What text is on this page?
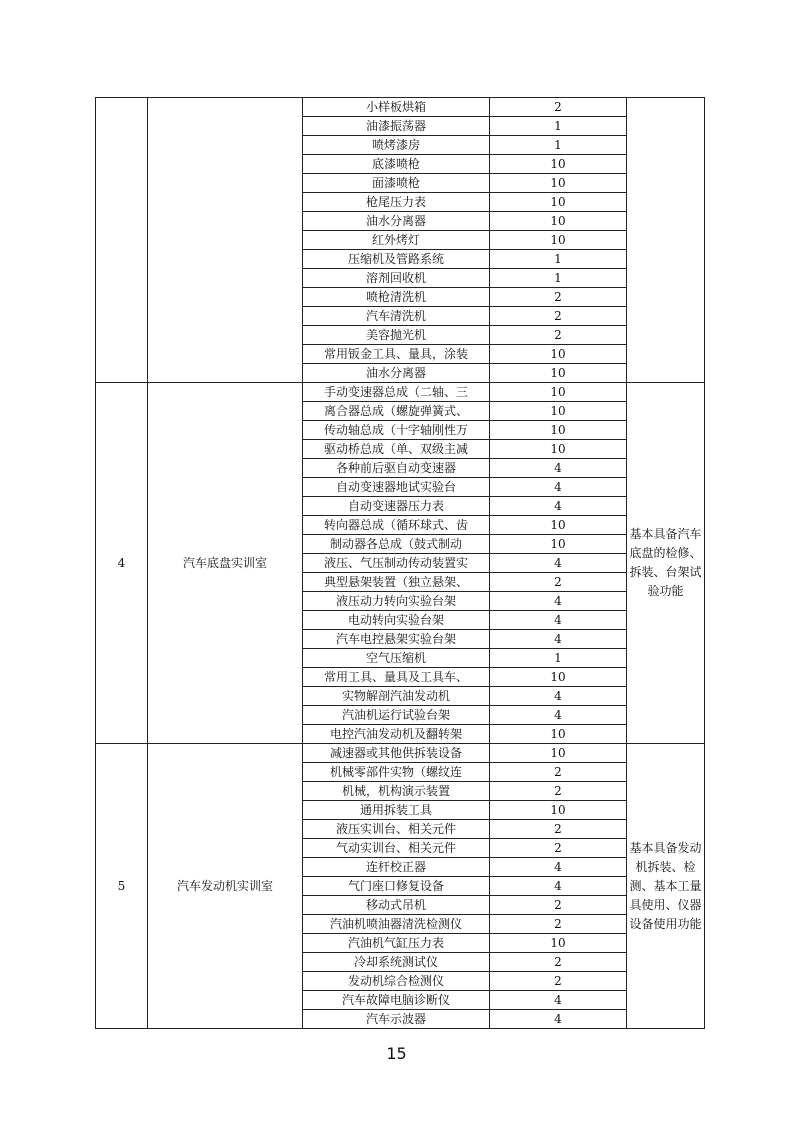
		小样板烘箱	2	
		油漆振荡器	1	
		喷烤漆房	1	
		底漆喷枪	10	
		面漆喷枪	10	
		枪尾压力表	10	
		油水分离器	10	
		红外烤灯	10	
		压缩机及管路系统	1	
		溶剂回收机	1	
		喷枪清洗机	2	
		汽车清洗机	2	
		美容抛光机	2	
		常用钣金工具、量具，涂装	10	
		油水分离器	10	
4	汽车底盘实训室	手动变速器总成（二轴、三	10	基本具备汽车底盘的检修、拆装、台架试验功能
		离合器总成（螺旋弹簧式、	10	
		传动轴总成（十字轴刚性万	10	
		驱动桥总成（单、双级主减	10	
		各种前后驱自动变速器	4	
		自动变速器地试实验台	4	
		自动变速器压力表	4	
		转向器总成（循环球式、齿	10	
		制动器各总成（鼓式制动	10	
		液压、气压制动传动装置实	4	
		典型悬架装置（独立悬架、	2	
		液压动力转向实验台架	4	
		电动转向实验台架	4	
		汽车电控悬架实验台架	4	
		空气压缩机	1	
		常用工具、量具及工具车、	10	
		实物解剖汽油发动机	4	
		汽油机运行试验台架	4	
		电控汽油发动机及翻转架	10	
5	汽车发动机实训室	减速器或其他供拆装设备	10	基本具备发动机拆装、检测、基本工量具使用、仪器设备使用功能
		机械零部件实物（螺纹连	2	
		机械，机构演示装置	2	
		通用拆装工具	10	
		液压实训台、相关元件	2	
		气动实训台、相关元件	2	
		连杆校正器	4	
		气门座口修复设备	4	
		移动式吊机	2	
		汽油机喷油器清洗检测仪	2	
		汽油机气缸压力表	10	
		冷却系统测试仪	2	
		发动机综合检测仪	2	
		汽车故障电脑诊断仪	4	
		汽车示波器	4	
15
